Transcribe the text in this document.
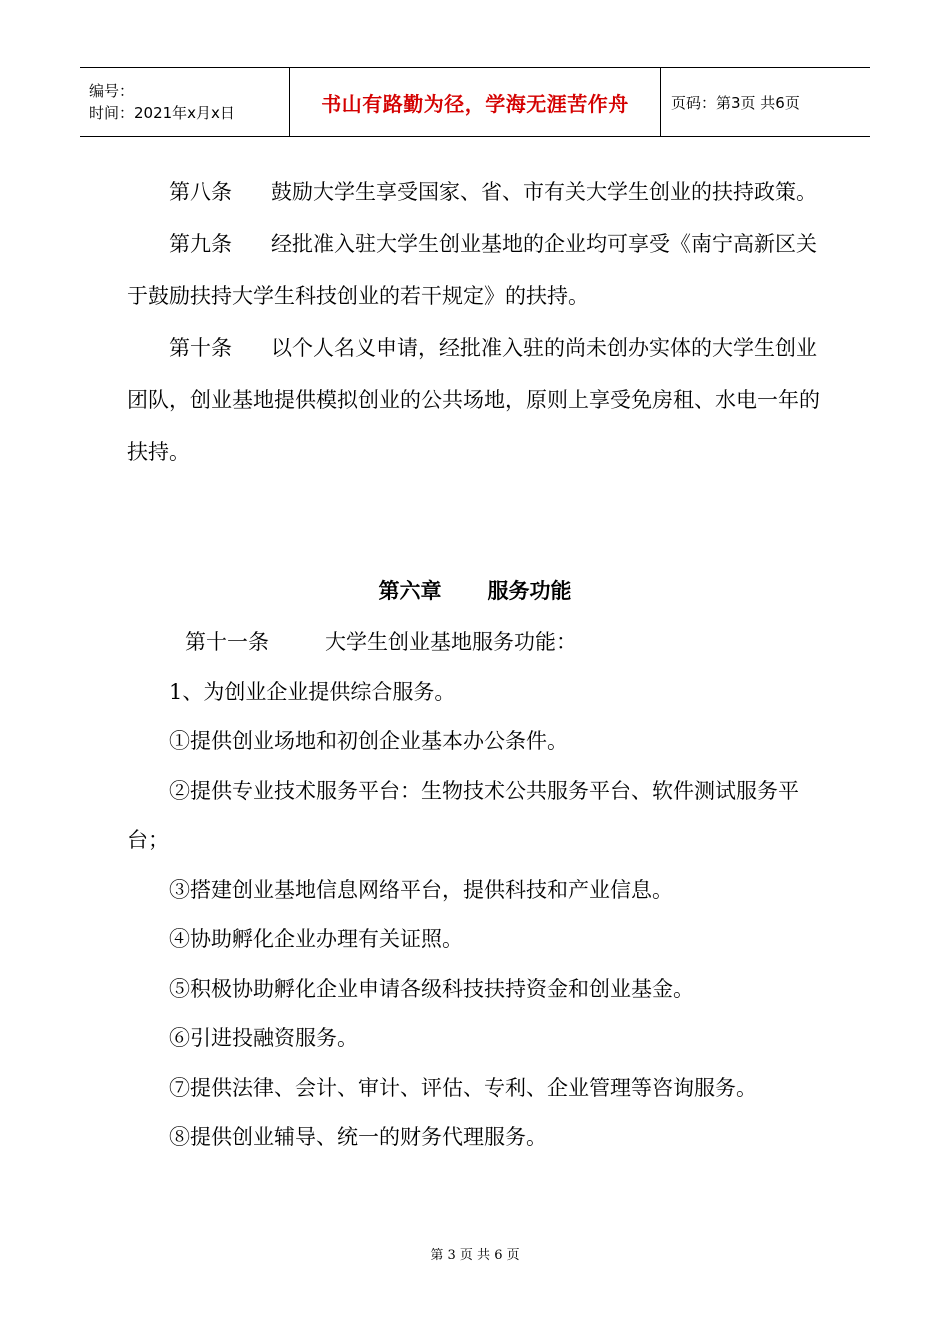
编号：
时间：2021年x月x日	书山有路勤为径，学海无涯苦作舟	页码：第3页 共6页

第八条 鼓励大学生享受国家、省、市有关大学生创业的扶持政策。

第九条 经批准入驻大学生创业基地的企业均可享受《南宁高新区关于鼓励扶持大学生科技创业的若干规定》的扶持。

第十条 以个人名义申请，经批准入驻的尚未创办实体的大学生创业团队，创业基地提供模拟创业的公共场地，原则上享受免房租、水电一年的扶持。

第六章 服务功能

第十一条	大学生创业基地服务功能：

1、为创业企业提供综合服务。

①提供创业场地和初创企业基本办公条件。

②提供专业技术服务平台：生物技术公共服务平台、软件测试服务平台；

③搭建创业基地信息网络平台，提供科技和产业信息。

④协助孵化企业办理有关证照。

⑤积极协助孵化企业申请各级科技扶持资金和创业基金。

⑥引进投融资服务。

⑦提供法律、会计、审计、评估、专利、企业管理等咨询服务。

⑧提供创业辅导、统一的财务代理服务。

第 3 页 共 6 页
